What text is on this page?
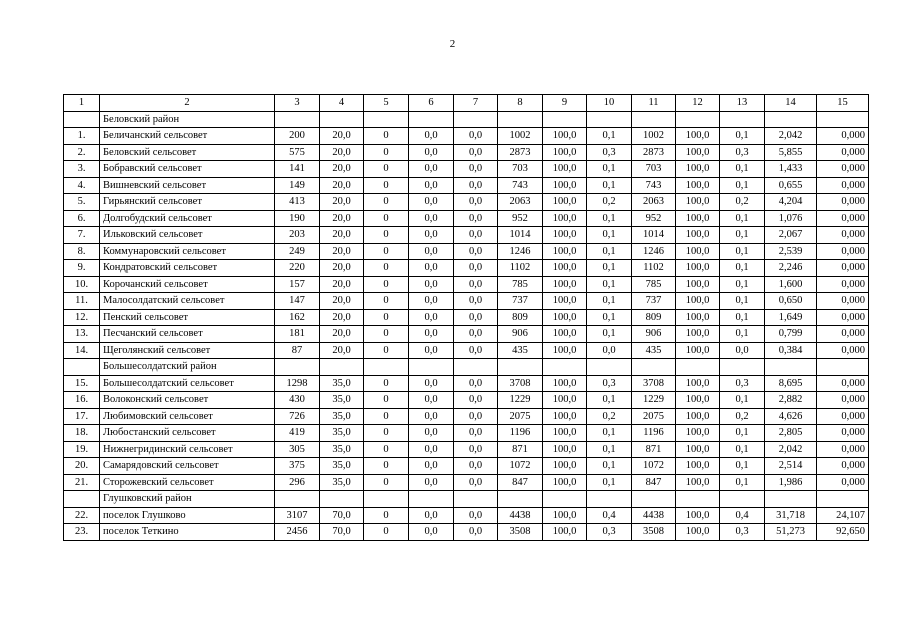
2
1	2	3	4	5	6	7	8	9	10	11	12	13	14	15
	Беловский район													
1.	Беличанский сельсовет	200	20,0	0	0,0	0,0	1002	100,0	0,1	1002	100,0	0,1	2,042	0,000
2.	Беловский сельсовет	575	20,0	0	0,0	0,0	2873	100,0	0,3	2873	100,0	0,3	5,855	0,000
3.	Бобравский сельсовет	141	20,0	0	0,0	0,0	703	100,0	0,1	703	100,0	0,1	1,433	0,000
4.	Вишневский сельсовет	149	20,0	0	0,0	0,0	743	100,0	0,1	743	100,0	0,1	0,655	0,000
5.	Гирьянский сельсовет	413	20,0	0	0,0	0,0	2063	100,0	0,2	2063	100,0	0,2	4,204	0,000
6.	Долгобудский сельсовет	190	20,0	0	0,0	0,0	952	100,0	0,1	952	100,0	0,1	1,076	0,000
7.	Ильковский сельсовет	203	20,0	0	0,0	0,0	1014	100,0	0,1	1014	100,0	0,1	2,067	0,000
8.	Коммунаровский сельсовет	249	20,0	0	0,0	0,0	1246	100,0	0,1	1246	100,0	0,1	2,539	0,000
9.	Кондратовский сельсовет	220	20,0	0	0,0	0,0	1102	100,0	0,1	1102	100,0	0,1	2,246	0,000
10.	Корочанский сельсовет	157	20,0	0	0,0	0,0	785	100,0	0,1	785	100,0	0,1	1,600	0,000
11.	Малосолдатский сельсовет	147	20,0	0	0,0	0,0	737	100,0	0,1	737	100,0	0,1	0,650	0,000
12.	Пенский сельсовет	162	20,0	0	0,0	0,0	809	100,0	0,1	809	100,0	0,1	1,649	0,000
13.	Песчанский сельсовет	181	20,0	0	0,0	0,0	906	100,0	0,1	906	100,0	0,1	0,799	0,000
14.	Щеголянский сельсовет	87	20,0	0	0,0	0,0	435	100,0	0,0	435	100,0	0,0	0,384	0,000
	Большесолдатский район													
15.	Большесолдатский сельсовет	1298	35,0	0	0,0	0,0	3708	100,0	0,3	3708	100,0	0,3	8,695	0,000
16.	Волоконский сельсовет	430	35,0	0	0,0	0,0	1229	100,0	0,1	1229	100,0	0,1	2,882	0,000
17.	Любимовский сельсовет	726	35,0	0	0,0	0,0	2075	100,0	0,2	2075	100,0	0,2	4,626	0,000
18.	Любостанский сельсовет	419	35,0	0	0,0	0,0	1196	100,0	0,1	1196	100,0	0,1	2,805	0,000
19.	Нижнегридинский сельсовет	305	35,0	0	0,0	0,0	871	100,0	0,1	871	100,0	0,1	2,042	0,000
20.	Самарядовский сельсовет	375	35,0	0	0,0	0,0	1072	100,0	0,1	1072	100,0	0,1	2,514	0,000
21.	Сторожевский сельсовет	296	35,0	0	0,0	0,0	847	100,0	0,1	847	100,0	0,1	1,986	0,000
	Глушковский район													
22.	поселок Глушково	3107	70,0	0	0,0	0,0	4438	100,0	0,4	4438	100,0	0,4	31,718	24,107
23.	поселок Теткино	2456	70,0	0	0,0	0,0	3508	100,0	0,3	3508	100,0	0,3	51,273	92,650
